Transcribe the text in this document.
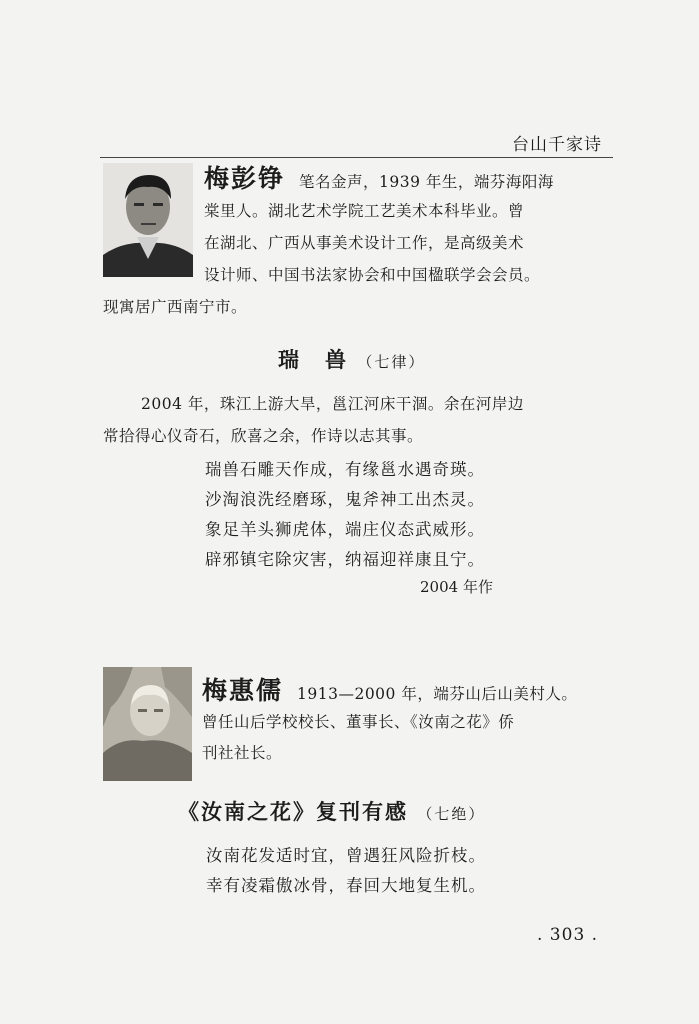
台山千家诗
梅彭铮 笔名金声，1939 年生，端芬海阳海
棠里人。湖北艺术学院工艺美术本科毕业。曾
在湖北、广西从事美术设计工作，是高级美术
设计师、中国书法家协会和中国楹联学会会员。
现寓居广西南宁市。
瑞 兽 （七律）
2004 年，珠江上游大旱，邕江河床干涸。余在河岸边
常拾得心仪奇石，欣喜之余，作诗以志其事。
瑞兽石雕天作成，有缘邕水遇奇瑛。
沙淘浪洗经磨琢，鬼斧神工出杰灵。
象足羊头狮虎体，端庄仪态武威形。
辟邪镇宅除灾害，纳福迎祥康且宁。
2004 年作
梅惠儒 1913—2000 年，端芬山后山美村人。
曾任山后学校校长、董事长、《汝南之花》侨
刊社社长。
《汝南之花》复刊有感 （七绝）
汝南花发适时宜，曾遇狂风险折枝。
幸有凌霜傲冰骨，春回大地复生机。
. 303 .
